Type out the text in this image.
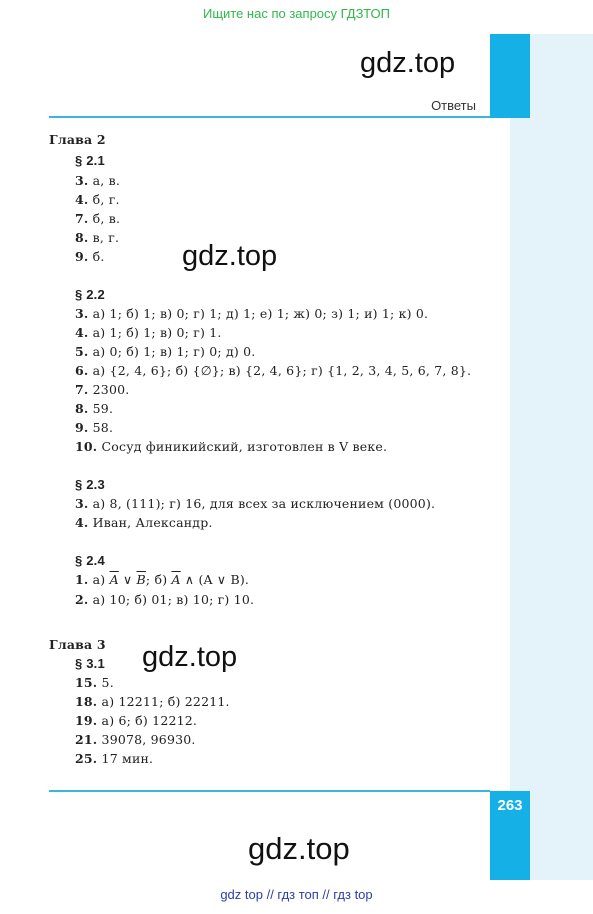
Ищите нас по запросу ГДЗТОП
263
Ответы
gdz.top
gdz.top
gdz.top
gdz.top
Глава 2
§ 2.1
3. а, в.
4. б, г.
7. б, в.
8. в, г.
9. б.
§ 2.2
3. а) 1; б) 1; в) 0; г) 1; д) 1; е) 1; ж) 0; з) 1; и) 1; к) 0.
4. а) 1; б) 1; в) 0; г) 1.
5. а) 0; б) 1; в) 1; г) 0; д) 0.
6. а) {2, 4, 6}; б) {∅}; в) {2, 4, 6}; г) {1, 2, 3, 4, 5, 6, 7, 8}.
7. 2300.
8. 59.
9. 58.
10. Сосуд финикийский, изготовлен в V веке.
§ 2.3
3. а) 8, (111); г) 16, для всех за исключением (0000).
4. Иван, Александр.
§ 2.4
1. а) $\overline{A}$ ∨ $\overline{B}$; б) $\overline{A}$ ∧ (A ∨ B).
2. а) 10; б) 01; в) 10; г) 10.
Глава 3
§ 3.1
15. 5.
18. а) 12211; б) 22211.
19. а) 6; б) 12212.
21. 39078, 96930.
25. 17 мин.
gdz top // гдз топ // гдз top
